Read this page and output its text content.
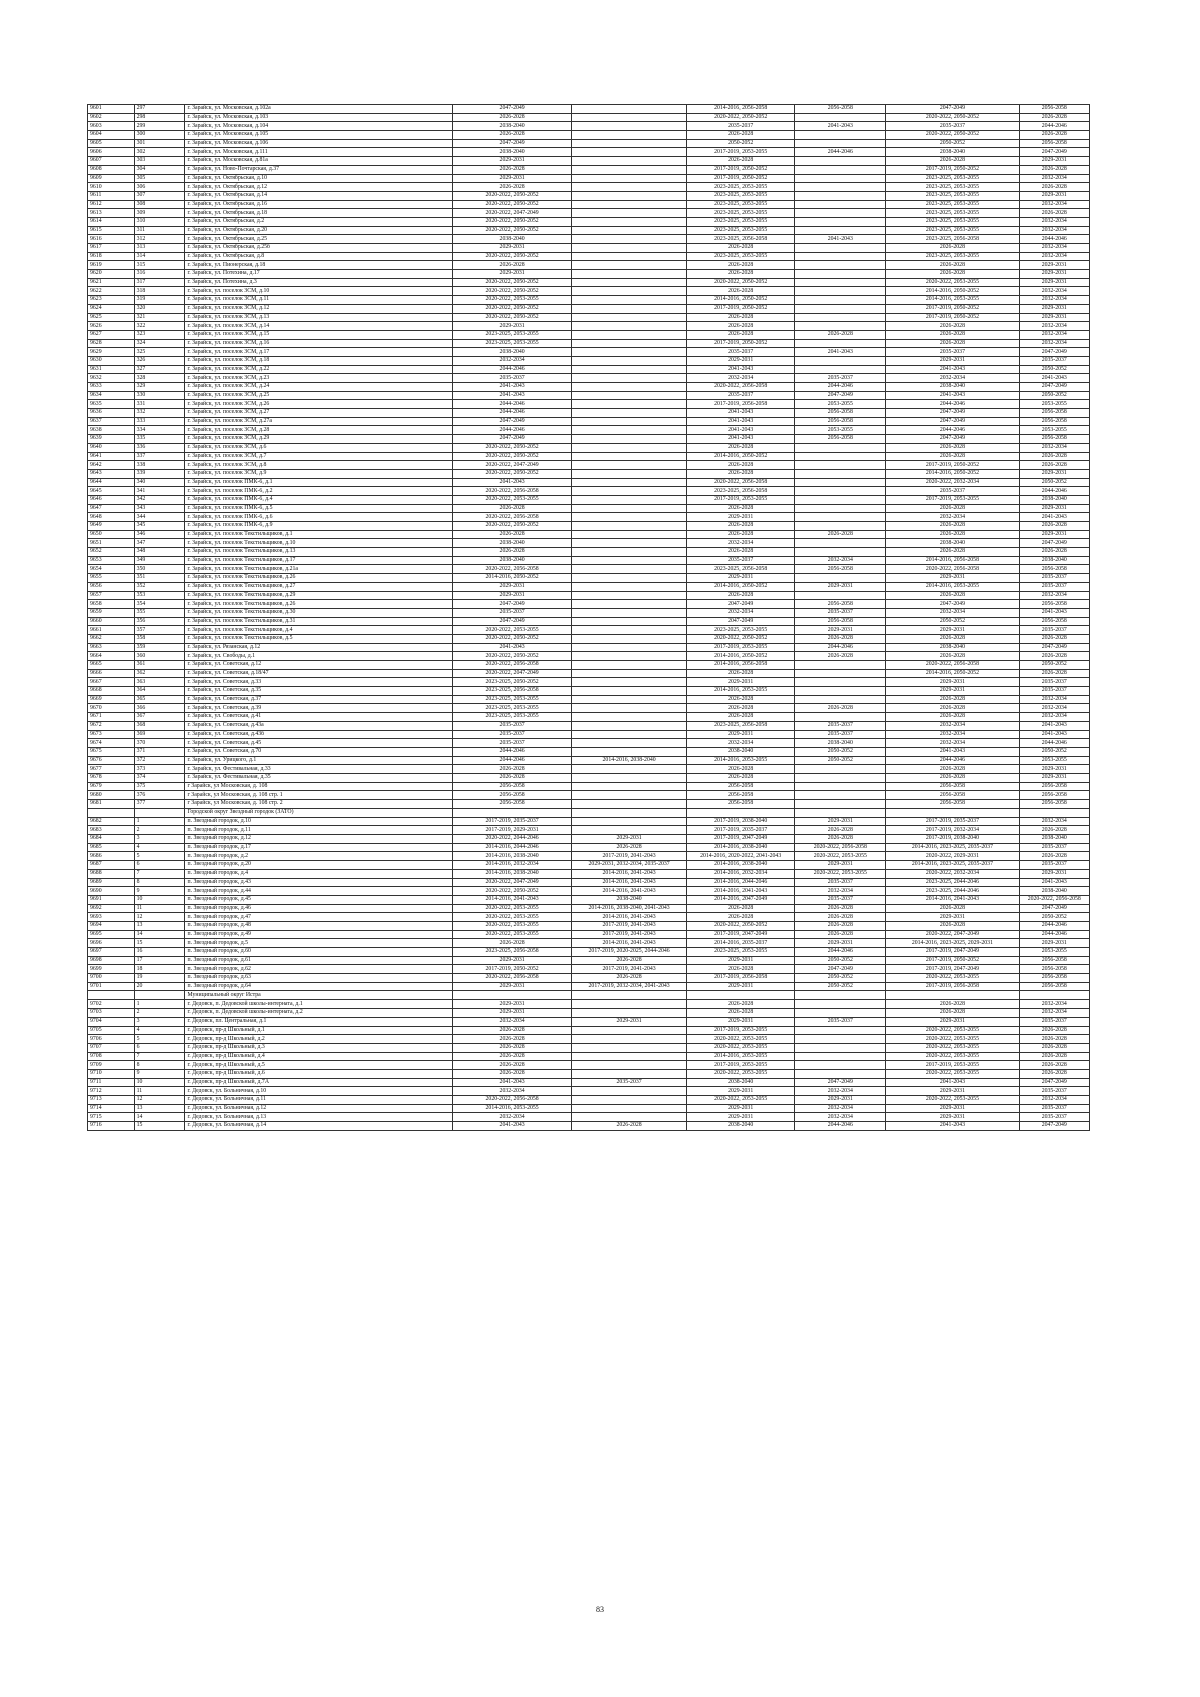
9601	297	г. Зарайск, ул. Московская, д.102а	2047-2049		2014-2016, 2056-2058	2056-2058	2047-2049	2056-2058
9602	298	г. Зарайск, ул. Московская, д.103	2026-2028		2020-2022, 2050-2052		2020-2022, 2050-2052	2026-2028
9603	299	г. Зарайск, ул. Московская, д.104	2038-2040		2035-2037	2041-2043	2035-2037	2044-2046
9604	300	г. Зарайск, ул. Московская, д.105	2026-2028		2026-2028		2020-2022, 2050-2052	2026-2028
9605	301	г. Зарайск, ул. Московская, д.106	2047-2049		2050-2052		2050-2052	2056-2058
9606	302	г. Зарайск, ул. Московская, д.111	2038-2040		2017-2019, 2053-2055	2044-2046	2038-2040	2047-2049
9607	303	г. Зарайск, ул. Московская, д.81а	2029-2031		2026-2028		2026-2028	2029-2031
9608	304	г. Зарайск, ул. Ново-Почтарская, д.37	2026-2028		2017-2019, 2050-2052		2017-2019, 2050-2052	2026-2028
9609	305	г. Зарайск, ул. Октябрьская, д.10	2029-2031		2017-2019, 2050-2052		2023-2025, 2053-2055	2032-2034
9610	306	г. Зарайск, ул. Октябрьская, д.12	2026-2028		2023-2025, 2053-2055		2023-2025, 2053-2055	2026-2028
9611	307	г. Зарайск, ул. Октябрьская, д.14	2020-2022, 2050-2052		2023-2025, 2053-2055		2023-2025, 2053-2055	2029-2031
9612	308	г. Зарайск, ул. Октябрьская, д.16	2020-2022, 2050-2052		2023-2025, 2053-2055		2023-2025, 2053-2055	2032-2034
9613	309	г. Зарайск, ул. Октябрьская, д.18	2020-2022, 2047-2049		2023-2025, 2053-2055		2023-2025, 2053-2055	2026-2028
9614	310	г. Зарайск, ул. Октябрьская, д.2	2020-2022, 2050-2052		2023-2025, 2053-2055		2023-2025, 2053-2055	2032-2034
9615	311	г. Зарайск, ул. Октябрьская, д.20	2020-2022, 2050-2052		2023-2025, 2053-2055		2023-2025, 2053-2055	2032-2034
9616	312	г. Зарайск, ул. Октябрьская, д.25	2038-2040		2023-2025, 2056-2058	2041-2043	2023-2025, 2056-2058	2044-2046
9617	313	г. Зарайск, ул. Октябрьская, д.25б	2029-2031		2026-2028		2026-2028	2032-2034
9618	314	г. Зарайск, ул. Октябрьская, д.8	2020-2022, 2050-2052		2023-2025, 2053-2055		2023-2025, 2053-2055	2032-2034
9619	315	г. Зарайск, ул. Пионерская, д.18	2026-2028		2026-2028		2026-2028	2029-2031
9620	316	г. Зарайск, ул. Потехина, д.17	2029-2031		2026-2028		2026-2028	2029-2031
9621	317	г. Зарайск, ул. Потехина, д.3	2020-2022, 2050-2052		2020-2022, 2050-2052		2020-2022, 2053-2055	2029-2031
9622	318	г. Зарайск, ул. поселок ЗСМ, д.10	2020-2022, 2050-2052		2026-2028		2014-2016, 2050-2052	2032-2034
9623	319	г. Зарайск, ул. поселок ЗСМ, д.11	2020-2022, 2053-2055		2014-2016, 2050-2052		2014-2016, 2053-2055	2032-2034
9624	320	г. Зарайск, ул. поселок ЗСМ, д.12	2020-2022, 2050-2052		2017-2019, 2050-2052		2017-2019, 2050-2052	2029-2031
9625	321	г. Зарайск, ул. поселок ЗСМ, д.13	2020-2022, 2050-2052		2026-2028		2017-2019, 2050-2052	2029-2031
9626	322	г. Зарайск, ул. поселок ЗСМ, д.14	2029-2031		2026-2028		2026-2028	2032-2034
9627	323	г. Зарайск, ул. поселок ЗСМ, д.15	2023-2025, 2053-2055		2026-2028	2026-2028	2026-2028	2032-2034
9628	324	г. Зарайск, ул. поселок ЗСМ, д.16	2023-2025, 2053-2055		2017-2019, 2050-2052		2026-2028	2032-2034
9629	325	г. Зарайск, ул. поселок ЗСМ, д.17	2038-2040		2035-2037	2041-2043	2035-2037	2047-2049
9630	326	г. Зарайск, ул. поселок ЗСМ, д.18	2032-2034		2029-2031		2029-2031	2035-2037
9631	327	г. Зарайск, ул. поселок ЗСМ, д.22	2044-2046		2041-2043		2041-2043	2050-2052
9632	328	г. Зарайск, ул. поселок ЗСМ, д.23	2035-2037		2032-2034	2035-2037	2032-2034	2041-2043
9633	329	г. Зарайск, ул. поселок ЗСМ, д.24	2041-2043		2020-2022, 2056-2058	2044-2046	2038-2040	2047-2049
9634	330	г. Зарайск, ул. поселок ЗСМ, д.25	2041-2043		2035-2037	2047-2049	2041-2043	2050-2052
9635	331	г. Зарайск, ул. поселок ЗСМ, д.26	2044-2046		2017-2019, 2056-2058	2053-2055	2044-2046	2053-2055
9636	332	г. Зарайск, ул. поселок ЗСМ, д.27	2044-2046		2041-2043	2056-2058	2047-2049	2056-2058
9637	333	г. Зарайск, ул. поселок ЗСМ, д.27а	2047-2049		2041-2043	2056-2058	2047-2049	2056-2058
9638	334	г. Зарайск, ул. поселок ЗСМ, д.28	2044-2046		2041-2043	2053-2055	2044-2046	2053-2055
9639	335	г. Зарайск, ул. поселок ЗСМ, д.29	2047-2049		2041-2043	2056-2058	2047-2049	2056-2058
9640	336	г. Зарайск, ул. поселок ЗСМ, д.6	2020-2022, 2050-2052		2026-2028		2026-2028	2032-2034
9641	337	г. Зарайск, ул. поселок ЗСМ, д.7	2020-2022, 2050-2052		2014-2016, 2050-2052		2026-2028	2026-2028
9642	338	г. Зарайск, ул. поселок ЗСМ, д.8	2020-2022, 2047-2049		2026-2028		2017-2019, 2050-2052	2026-2028
9643	339	г. Зарайск, ул. поселок ЗСМ, д.9	2020-2022, 2050-2052		2026-2028		2014-2016, 2050-2052	2029-2031
9644	340	г. Зарайск, ул. поселок ПМК-6, д.1	2041-2043		2020-2022, 2056-2058		2020-2022, 2032-2034	2050-2052
9645	341	г. Зарайск, ул. поселок ПМК-6, д.2	2020-2022, 2056-2058		2023-2025, 2056-2058		2035-2037	2044-2046
9646	342	г. Зарайск, ул. поселок ПМК-6, д.4	2020-2022, 2053-2055		2017-2019, 2053-2055		2017-2019, 2053-2055	2038-2040
9647	343	г. Зарайск, ул. поселок ПМК-6, д.5	2026-2028		2026-2028		2026-2028	2029-2031
9648	344	г. Зарайск, ул. поселок ПМК-6, д.6	2020-2022, 2056-2058		2029-2031		2032-2034	2041-2043
9649	345	г. Зарайск, ул. поселок ПМК-6, д.9	2020-2022, 2050-2052		2026-2028		2026-2028	2026-2028
9650	346	г. Зарайск, ул. поселок Текстильщиков, д.1	2026-2028		2026-2028	2026-2028	2026-2028	2029-2031
9651	347	г. Зарайск, ул. поселок Текстильщиков, д.10	2038-2040		2032-2034		2038-2040	2047-2049
9652	348	г. Зарайск, ул. поселок Текстильщиков, д.13	2026-2028		2026-2028		2026-2028	2026-2028
9653	349	г. Зарайск, ул. поселок Текстильщиков, д.17	2038-2040		2035-2037	2032-2034	2014-2016, 2056-2058	2038-2040
9654	350	г. Зарайск, ул. поселок Текстильщиков, д.21а	2020-2022, 2056-2058		2023-2025, 2056-2058	2056-2058	2020-2022, 2056-2058	2056-2058
9655	351	г. Зарайск, ул. поселок Текстильщиков, д.26	2014-2016, 2050-2052		2029-2031		2029-2031	2035-2037
9656	352	г. Зарайск, ул. поселок Текстильщиков, д.27	2029-2031		2014-2016, 2050-2052	2029-2031	2014-2016, 2053-2055	2035-2037
9657	353	г. Зарайск, ул. поселок Текстильщиков, д.29	2029-2031		2026-2028		2026-2028	2032-2034
9658	354	г. Зарайск, ул. поселок Текстильщиков, д.26	2047-2049		2047-2049	2056-2058	2047-2049	2056-2058
9659	355	г. Зарайск, ул. поселок Текстильщиков, д.30	2035-2037		2032-2034	2035-2037	2032-2034	2041-2043
9660	356	г. Зарайск, ул. поселок Текстильщиков, д.31	2047-2049		2047-2049	2056-2058	2050-2052	2056-2058
9661	357	г. Зарайск, ул. поселок Текстильщиков, д.4	2020-2022, 2053-2055		2023-2025, 2053-2055	2029-2031	2029-2031	2035-2037
9662	358	г. Зарайск, ул. поселок Текстильщиков, д.5	2020-2022, 2050-2052		2020-2022, 2050-2052	2026-2028	2026-2028	2026-2028
9663	359	г. Зарайск, ул. Рязанская, д.12	2041-2043		2017-2019, 2053-2055	2044-2046	2038-2040	2047-2049
9664	360	г. Зарайск, ул. Свободы, д.1	2020-2022, 2050-2052		2014-2016, 2050-2052	2026-2028	2026-2028	2026-2028
9665	361	г. Зарайск, ул. Советская, д.12	2020-2022, 2056-2058		2014-2016, 2056-2058		2020-2022, 2056-2058	2050-2052
9666	362	г. Зарайск, ул. Советская, д.18/47	2020-2022, 2047-2049		2026-2028		2014-2016, 2050-2052	2026-2028
9667	363	г. Зарайск, ул. Советская, д.33	2023-2025, 2050-2052		2029-2031		2029-2031	2035-2037
9668	364	г. Зарайск, ул. Советская, д.35	2023-2025, 2056-2058		2014-2016, 2053-2055		2029-2031	2035-2037
9669	365	г. Зарайск, ул. Советская, д.37	2023-2025, 2053-2055		2026-2028		2026-2028	2032-2034
9670	366	г. Зарайск, ул. Советская, д.39	2023-2025, 2053-2055		2026-2028	2026-2028	2026-2028	2032-2034
9671	367	г. Зарайск, ул. Советская, д.41	2023-2025, 2053-2055		2026-2028		2026-2028	2032-2034
9672	368	г. Зарайск, ул. Советская, д.43а	2035-2037		2023-2025, 2056-2058	2035-2037	2032-2034	2041-2043
9673	369	г. Зарайск, ул. Советская, д.43б	2035-2037		2029-2031	2035-2037	2032-2034	2041-2043
9674	370	г. Зарайск, ул. Советская, д.45	2035-2037		2032-2034	2038-2040	2032-2034	2044-2046
9675	371	г. Зарайск, ул. Советская, д.70	2044-2046		2038-2040	2050-2052	2041-2043	2050-2052
9676	372	г. Зарайск, ул. Урицкого, д.1	2044-2046	2014-2016, 2038-2040	2014-2016, 2053-2055	2050-2052	2044-2046	2053-2055
9677	373	г. Зарайск, ул. Фестивальная, д.33	2026-2028		2026-2028		2026-2028	2029-2031
9678	374	г. Зарайск, ул. Фестивальная, д.35	2026-2028		2026-2028		2026-2028	2029-2031
9679	375	г Зарайск, ул Московская, д. 108	2056-2058		2056-2058		2056-2058	2056-2058
9680	376	г Зарайск, ул Московская, д. 108 стр. 1	2056-2058		2056-2058		2056-2058	2056-2058
9681	377	г Зарайск, ул Московская, д. 108 стр. 2	2056-2058		2056-2058		2056-2058	2056-2058
		Городской округ Звездный городок (ЗАТО)						
9682	1	п. Звездный городок, д.10	2017-2019, 2035-2037		2017-2019, 2038-2040	2029-2031	2017-2019, 2035-2037	2032-2034
9683	2	п. Звездный городок, д.11	2017-2019, 2029-2031		2017-2019, 2035-2037	2026-2028	2017-2019, 2032-2034	2026-2028
9684	3	п. Звездный городок, д.12	2020-2022, 2044-2046	2029-2031	2017-2019, 2047-2049	2026-2028	2017-2019, 2038-2040	2038-2040
9685	4	п. Звездный городок, д.17	2014-2016, 2044-2046	2026-2028	2014-2016, 2038-2040	2020-2022, 2056-2058	2014-2016, 2023-2025, 2035-2037	2035-2037
9686	5	п. Звездный городок, д.2	2014-2016, 2038-2040	2017-2019, 2041-2043	2014-2016, 2020-2022, 2041-2043	2020-2022, 2053-2055	2020-2022, 2029-2031	2026-2028
9687	6	п. Звездный городок, д.20	2014-2016, 2032-2034	2029-2031, 2032-2034, 2035-2037	2014-2016, 2038-2040	2029-2031	2014-2016, 2023-2025, 2035-2037	2035-2037
9688	7	п. Звездный городок, д.4	2014-2016, 2038-2040	2014-2016, 2041-2043	2014-2016, 2032-2034	2020-2022, 2053-2055	2020-2022, 2032-2034	2029-2031
9689	8	п. Звездный городок, д.43	2020-2022, 2047-2049	2014-2016, 2041-2043	2014-2016, 2044-2046	2035-2037	2023-2025, 2044-2046	2041-2043
9690	9	п. Звездный городок, д.44	2020-2022, 2050-2052	2014-2016, 2041-2043	2014-2016, 2041-2043	2032-2034	2023-2025, 2044-2046	2038-2040
9691	10	п. Звездный городок, д.45	2014-2016, 2041-2043	2038-2040	2014-2016, 2047-2049	2035-2037	2014-2016, 2041-2043	2020-2022, 2056-2058
9692	11	п. Звездный городок, д.46	2020-2022, 2053-2055	2014-2016, 2038-2040, 2041-2043	2026-2028	2026-2028	2026-2028	2047-2049
9693	12	п. Звездный городок, д.47	2020-2022, 2053-2055	2014-2016, 2041-2043	2026-2028	2026-2028	2029-2031	2050-2052
9694	13	п. Звездный городок, д.48	2020-2022, 2053-2055	2017-2019, 2041-2043	2020-2022, 2050-2052	2026-2028	2026-2028	2044-2046
9695	14	п. Звездный городок, д.49	2020-2022, 2053-2055	2017-2019, 2041-2043	2017-2019, 2047-2049	2026-2028	2020-2022, 2047-2049	2044-2046
9696	15	п. Звездный городок, д.5	2026-2028	2014-2016, 2041-2043	2014-2016, 2035-2037	2029-2031	2014-2016, 2023-2025, 2029-2031	2029-2031
9697	16	п. Звездный городок, д.60	2023-2025, 2056-2058	2017-2019, 2020-2025, 2044-2046	2023-2025, 2053-2055	2044-2046	2017-2019, 2047-2049	2053-2055
9698	17	п. Звездный городок, д.61	2029-2031	2026-2028	2029-2031	2050-2052	2017-2019, 2050-2052	2056-2058
9699	18	п. Звездный городок, д.62	2017-2019, 2050-2052	2017-2019, 2041-2043	2026-2028	2047-2049	2017-2019, 2047-2049	2056-2058
9700	19	п. Звездный городок, д.63	2020-2022, 2056-2058	2026-2028	2017-2019, 2056-2058	2050-2052	2020-2022, 2053-2055	2056-2058
9701	20	п. Звездный городок, д.64	2029-2031	2017-2019, 2032-2034, 2041-2043	2029-2031	2050-2052	2017-2019, 2056-2058	2056-2058
		Муниципальный округ Истра						
9702	1	г. Дедовск, п. Дедовской школы-интерната, д.1	2029-2031		2026-2028		2026-2028	2032-2034
9703	2	г. Дедовск, п. Дедовской школы-интерната, д.2	2029-2031		2026-2028		2026-2028	2032-2034
9704	3	г. Дедовск, пл. Центральная, д.1	2032-2034	2029-2031	2029-2031	2035-2037	2029-2031	2035-2037
9705	4	г. Дедовск, пр-д Школьный, д.1	2026-2028		2017-2019, 2053-2055		2020-2022, 2053-2055	2026-2028
9706	5	г. Дедовск, пр-д Школьный, д.2	2026-2028		2020-2022, 2053-2055		2020-2022, 2053-2055	2026-2028
9707	6	г. Дедовск, пр-д Школьный, д.3	2026-2028		2020-2022, 2053-2055		2020-2022, 2053-2055	2026-2028
9708	7	г. Дедовск, пр-д Школьный, д.4	2026-2028		2014-2016, 2053-2055		2020-2022, 2053-2055	2026-2028
9709	8	г. Дедовск, пр-д Школьный, д.5	2026-2028		2017-2019, 2053-2055		2017-2019, 2053-2055	2026-2028
9710	9	г. Дедовск, пр-д Школьный, д.6	2026-2028		2020-2022, 2053-2055		2020-2022, 2053-2055	2026-2028
9711	10	г. Дедовск, пр-д Школьный, д.7А	2041-2043	2035-2037	2038-2040	2047-2049	2041-2043	2047-2049
9712	11	г. Дедовск, ул. Больничная, д.10	2032-2034		2029-2031	2032-2034	2029-2031	2035-2037
9713	12	г. Дедовск, ул. Больничная, д.11	2020-2022, 2056-2058		2020-2022, 2053-2055	2029-2031	2020-2022, 2053-2055	2032-2034
9714	13	г. Дедовск, ул. Больничная, д.12	2014-2016, 2053-2055		2029-2031	2032-2034	2029-2031	2035-2037
9715	14	г. Дедовск, ул. Больничная, д.13	2032-2034		2029-2031	2032-2034	2029-2031	2035-2037
9716	15	г. Дедовск, ул. Больничная, д.14	2041-2043	2026-2028	2038-2040	2044-2046	2041-2043	2047-2049
83
